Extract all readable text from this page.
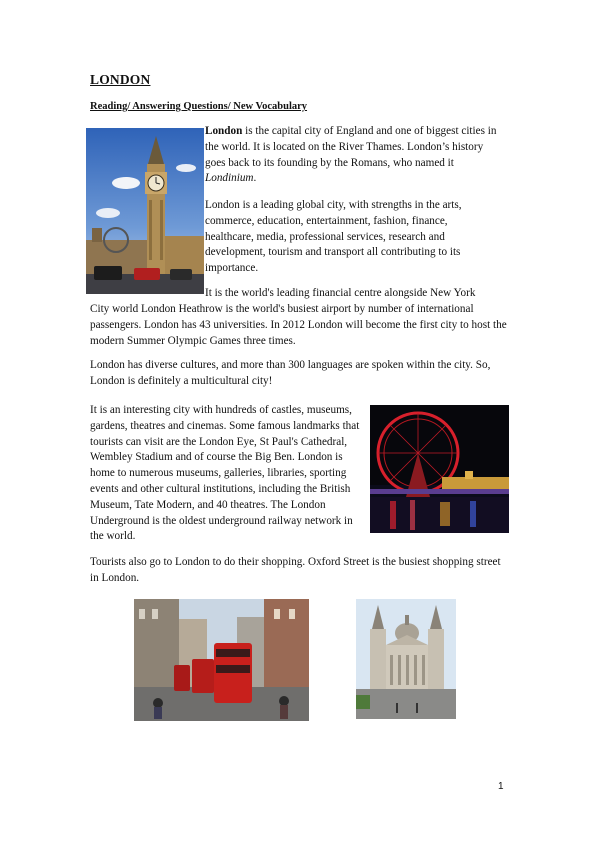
LONDON
Reading/ Answering Questions/ New Vocabulary

London is the capital city of England and one of biggest cities in the world. It is located on the River Thames. London’s history goes back to its founding by the Romans, who named it Londinium.

London is a leading global city, with strengths in the arts, commerce, education, entertainment, fashion, finance, healthcare, media, professional services, research and development, tourism and transport all contributing to its importance.

It is the world's leading financial centre alongside New York

City world London Heathrow is the world's busiest airport by number of international passengers. London has 43 universities. In 2012 London will become the first city to host the modern Summer Olympic Games three times.

London has diverse cultures, and more than 300 languages are spoken within the city. So, London is definitely a multicultural city!

It is an interesting city with hundreds of castles, museums, gardens, theatres and cinemas. Some famous landmarks that tourists can visit are the London Eye, St Paul's Cathedral, Wembley Stadium and of course the Big Ben. London is home to numerous museums, galleries, libraries, sporting events and other cultural institutions, including the British Museum, Tate Modern, and 40 theatres. The London Underground is the oldest underground railway network in the world.

Tourists also go to London to do their shopping. Oxford Street is the busiest shopping street in London.

1
